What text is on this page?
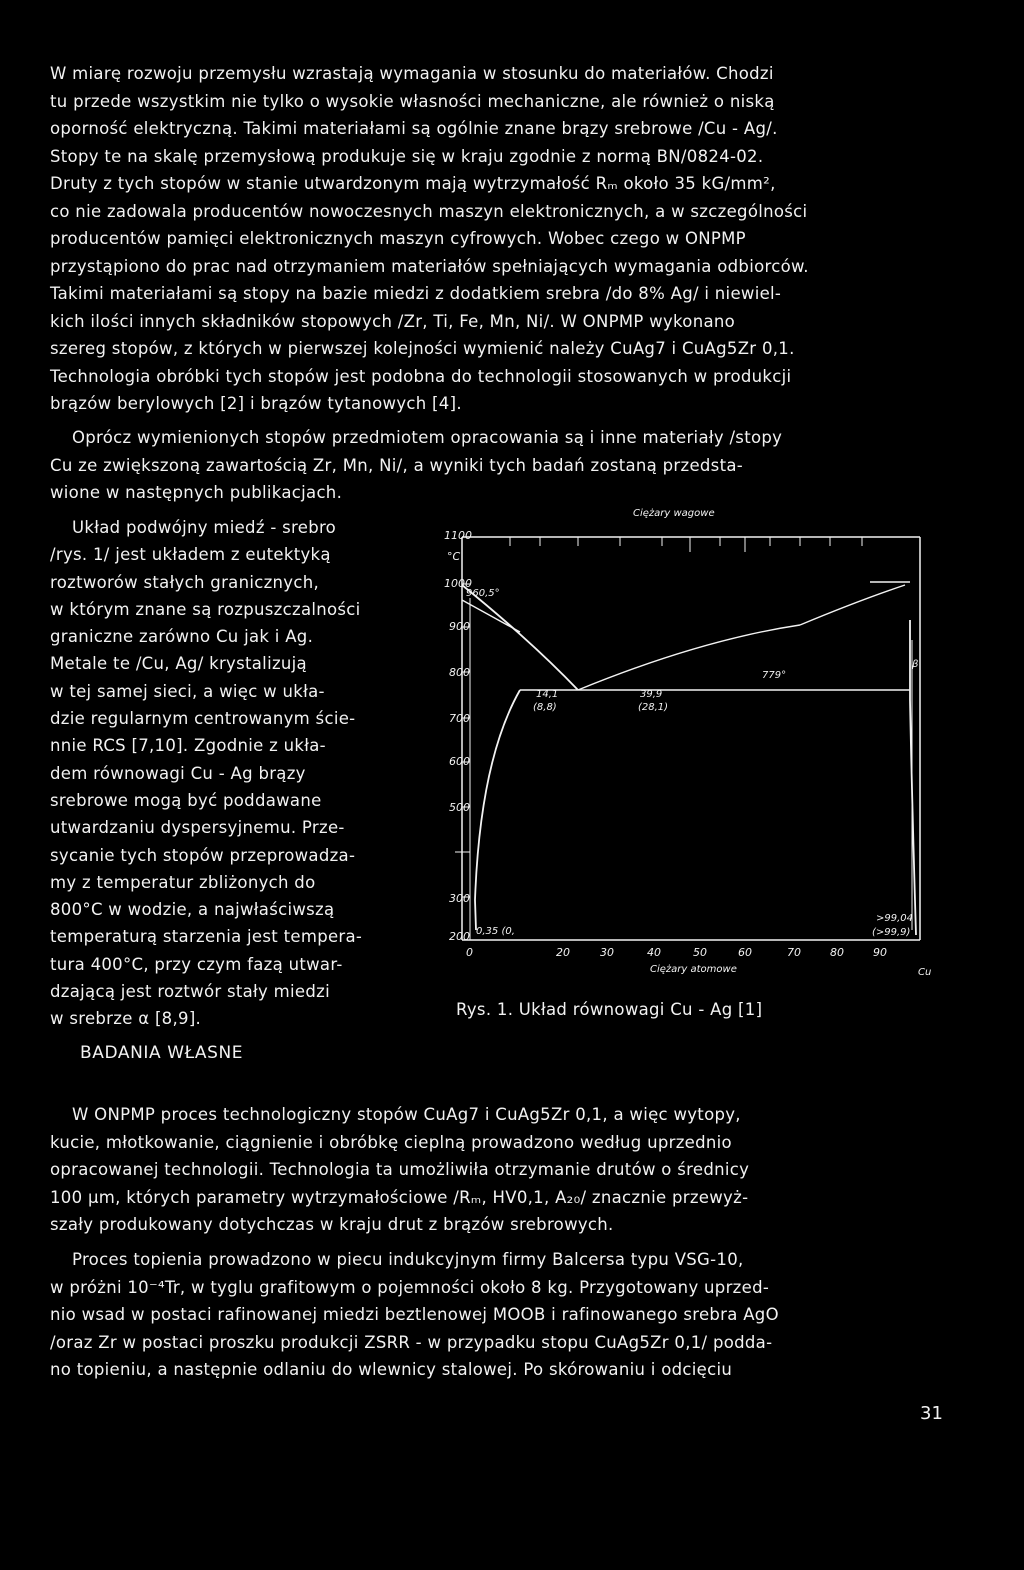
W miarę rozwoju przemysłu wzrastają wymagania w stosunku do materiałów. Chodzi
tu przede wszystkim nie tylko o wysokie własności mechaniczne, ale również o niską
oporność elektryczną. Takimi materiałami są ogólnie znane brązy srebrowe /Cu - Ag/.
Stopy te na skalę przemysłową produkuje się w kraju zgodnie z normą BN/0824-02.
Druty z tych stopów w stanie utwardzonym mają wytrzymałość Rₘ około 35 kG/mm²,
co nie zadowala producentów nowoczesnych maszyn elektronicznych, a w szczególności
producentów pamięci elektronicznych maszyn cyfrowych. Wobec czego w ONPMP
przystąpiono do prac nad otrzymaniem materiałów spełniających wymagania odbiorców.
Takimi materiałami są stopy na bazie miedzi z dodatkiem srebra /do 8% Ag/ i niewiel-
kich ilości innych składników stopowych /Zr, Ti, Fe, Mn, Ni/. W ONPMP wykonano
szereg stopów, z których w pierwszej kolejności wymienić należy CuAg7 i CuAg5Zr 0,1.
Technologia obróbki tych stopów jest podobna do technologii stosowanych w produkcji
brązów berylowych [2] i brązów tytanowych [4].
Oprócz wymienionych stopów przedmiotem opracowania są i inne materiały /stopy
Cu ze zwiększoną zawartością Zr, Mn, Ni/, a wyniki tych badań zostaną przedsta-
wione w następnych publikacjach.
Układ podwójny miedź - srebro
/rys. 1/ jest układem z eutektyką
roztworów stałych granicznych,
w którym znane są rozpuszczalności
graniczne zarówno Cu jak i Ag.
Metale te /Cu, Ag/ krystalizują
w tej samej sieci, a więc w ukła-
dzie regularnym centrowanym ście-
nnie RCS [7,10]. Zgodnie z ukła-
dem równowagi Cu - Ag brązy
srebrowe mogą być poddawane
utwardzaniu dyspersyjnemu. Prze-
sycanie tych stopów przeprowadza-
my z temperatur zbliżonych do
800°C w wodzie, a najwłaściwszą
temperaturą starzenia jest tempera-
tura 400°C, przy czym fazą utwar-
dzającą jest roztwór stały miedzi
w srebrze α [8,9].
Ciężary wagowe
°C
1100
1000
900
800
700
600
500
300
200
960,5°
779°
14,1
(8,8)
39,9
(28,1)
0,35 (0,
>99,04
(>99,9)
β
0	20	30	40	50	60	70	80	90
Ciężary atomowe	Cu
Rys. 1. Układ równowagi Cu - Ag [1]
BADANIA WŁASNE
W ONPMP proces technologiczny stopów CuAg7 i CuAg5Zr 0,1, a więc wytopy,
kucie, młotkowanie, ciągnienie i obróbkę cieplną prowadzono według uprzednio
opracowanej technologii. Technologia ta umożliwiła otrzymanie drutów o średnicy
100 µm, których parametry wytrzymałościowe /Rₘ, HV0,1, A₂₀/ znacznie przewyż-
szały produkowany dotychczas w kraju drut z brązów srebrowych.
Proces topienia prowadzono w piecu indukcyjnym firmy Balcersa typu VSG-10,
w próżni 10⁻⁴Tr, w tyglu grafitowym o pojemności około 8 kg. Przygotowany uprzed-
nio wsad w postaci rafinowanej miedzi beztlenowej MOOB i rafinowanego srebra AgO
/oraz Zr w postaci proszku produkcji ZSRR - w przypadku stopu CuAg5Zr 0,1/ poddа-
no topieniu, a następnie odlaniu do wlewnicy stalowej. Po skórowaniu i odcięciu
31
